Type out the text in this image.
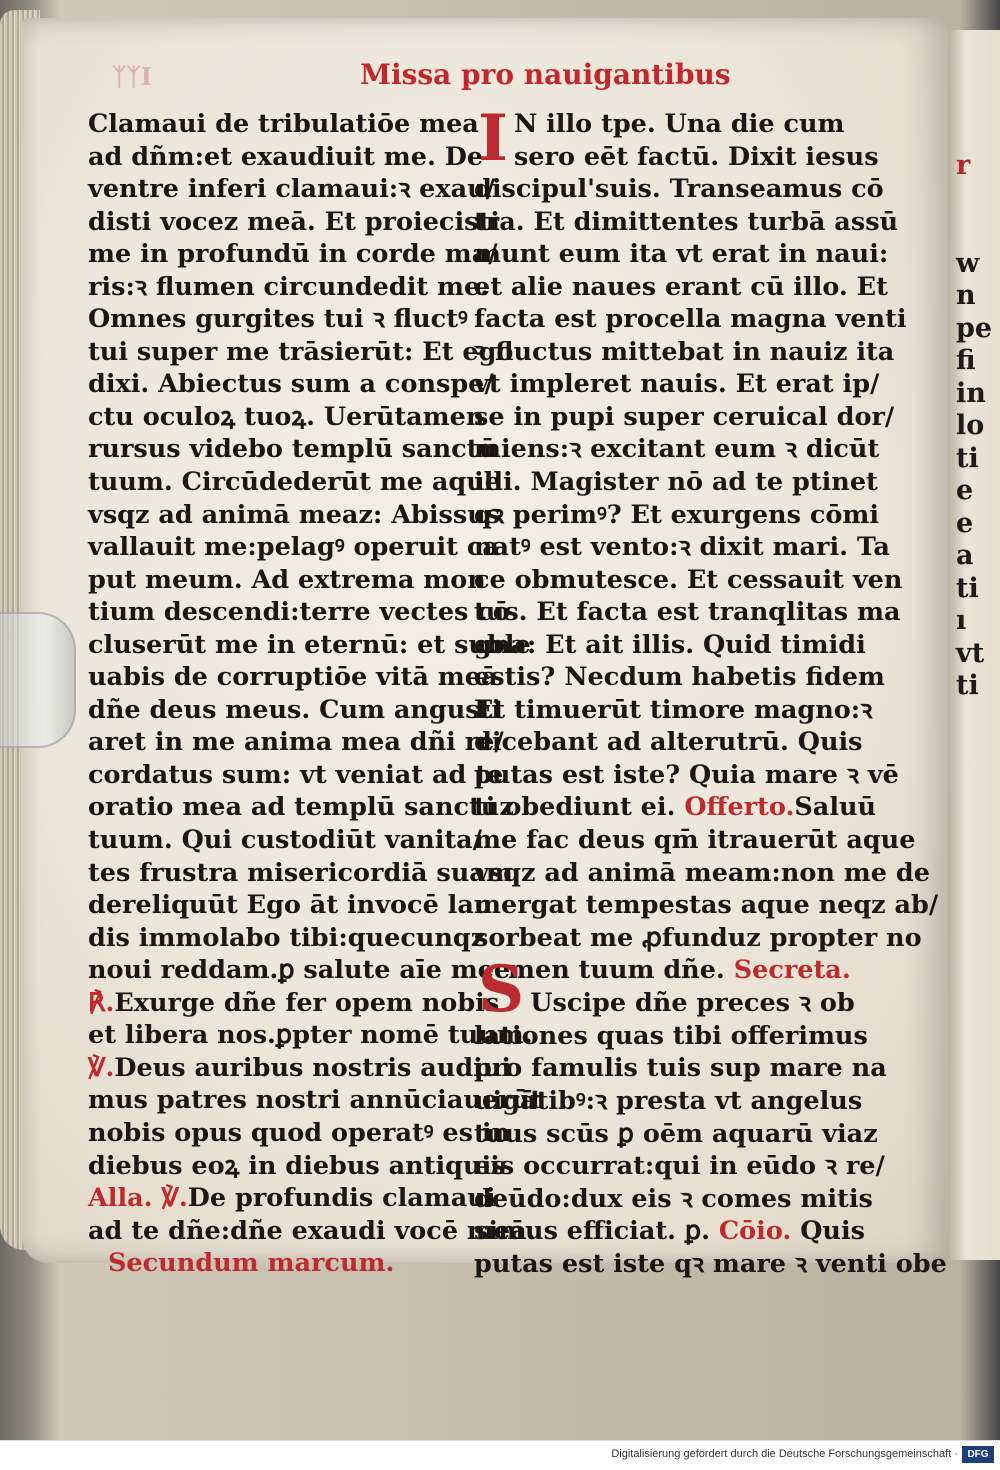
r

w
n
pe
fi
in
lo
ti
e
e
a
ti
ı
vt
ti
ᛉᛉⅠ	Missa pro nauigantibus
Clamaui de tribulatiōe mea
ad dñm:et exaudiuit me. De
ventre inferi clamaui:ꝛ exau/
disti vocez meā. Et proiecisti
me in profundū in corde ma/
ris:ꝛ flumen circundedit me.
Omnes gurgites tui ꝛ fluctꝰ
tui super me trāsierūt: Et ego
dixi. Abiectus sum a conspe/
ctu oculoꝝ tuoꝝ. Uerūtamen
rursus videbo templū sanctū
tuum. Circūdederūt me aque
vsqz ad animā meaz: Abissus
vallauit me:pelagꝰ operuit ca
put meum. Ad extrema mon
tium descendi:terre vectes cō
cluserūt me in eternū: et suble
uabis de corruptiōe vitā meā
dñe deus meus. Cum angusti
aret in me anima mea dñi re/
cordatus sum: vt veniat ad te
oratio mea ad templū sanctuz
tuum. Qui custodiūt vanita/
tes frustra misericordiā suam
dereliquūt Ego āt invocē lau
dis immolabo tibi:quecunqz
noui reddam.ꝑ salute aīe mee
℟.Exurge dñe fer opem nobis
et libera nos.ꝑpter nomē tuum.
℣.Deus auribus nostris audiui
mus patres nostri annūciauerūt
nobis opus quod operatꝰ es in
diebus eoꝝ in diebus antiquis
Alla. ℣.De profundis clamaui
ad te dñe:dñe exaudi vocē meā.
Secundum marcum.
I N illo tpe. Una die cum
sero eēt factū. Dixit iesus
discipul'suis. Transeamus cō
tra. Et dimittentes turbā assū
munt eum ita vt erat in naui:
et alie naues erant cū illo. Et
facta est procella magna venti
ꝛ fluctus mittebat in nauiz ita
vt impleret nauis. Et erat ip/
se in pupi super ceruical dor/
miens:ꝛ excitant eum ꝛ dicūt
illi. Magister nō ad te ptinet
qꝛ perimꝰ? Et exurgens cōmi
natꝰ est vento:ꝛ dixit mari. Ta
ce obmutesce. Et cessauit ven
tus. Et facta est tranqlitas ma
gna: Et ait illis. Quid timidi
estis? Necdum habetis fidem
Et timuerūt timore magno:ꝛ
dicebant ad alterutrū. Quis
putas est iste? Quia mare ꝛ vē
ti obediunt ei. Offerto.Saluū
me fac deus qm̄ itrauerūt aque
vsqz ad animā meam:non me de
mergat tempestas aque neqz ab/
sorbeat me ꝓfunduz propter no
men tuum dñe. Secreta.
S Uscipe dñe preces ꝛ ob
lationes quas tibi offerimus
pro famulis tuis sup mare na
uigātibꝰ:ꝛ presta vt angelus
tuus scūs ꝑ oēm aquarū viaz
eis occurrat:qui in eūdo ꝛ re/
deūdo:dux eis ꝛ comes mitis
simus efficiat. ꝑ. Cōio. Quis
putas est iste qꝛ mare ꝛ venti obe
Digitalisierung gefördert durch die Deutsche Forschungsgemeinschaft · DFG
